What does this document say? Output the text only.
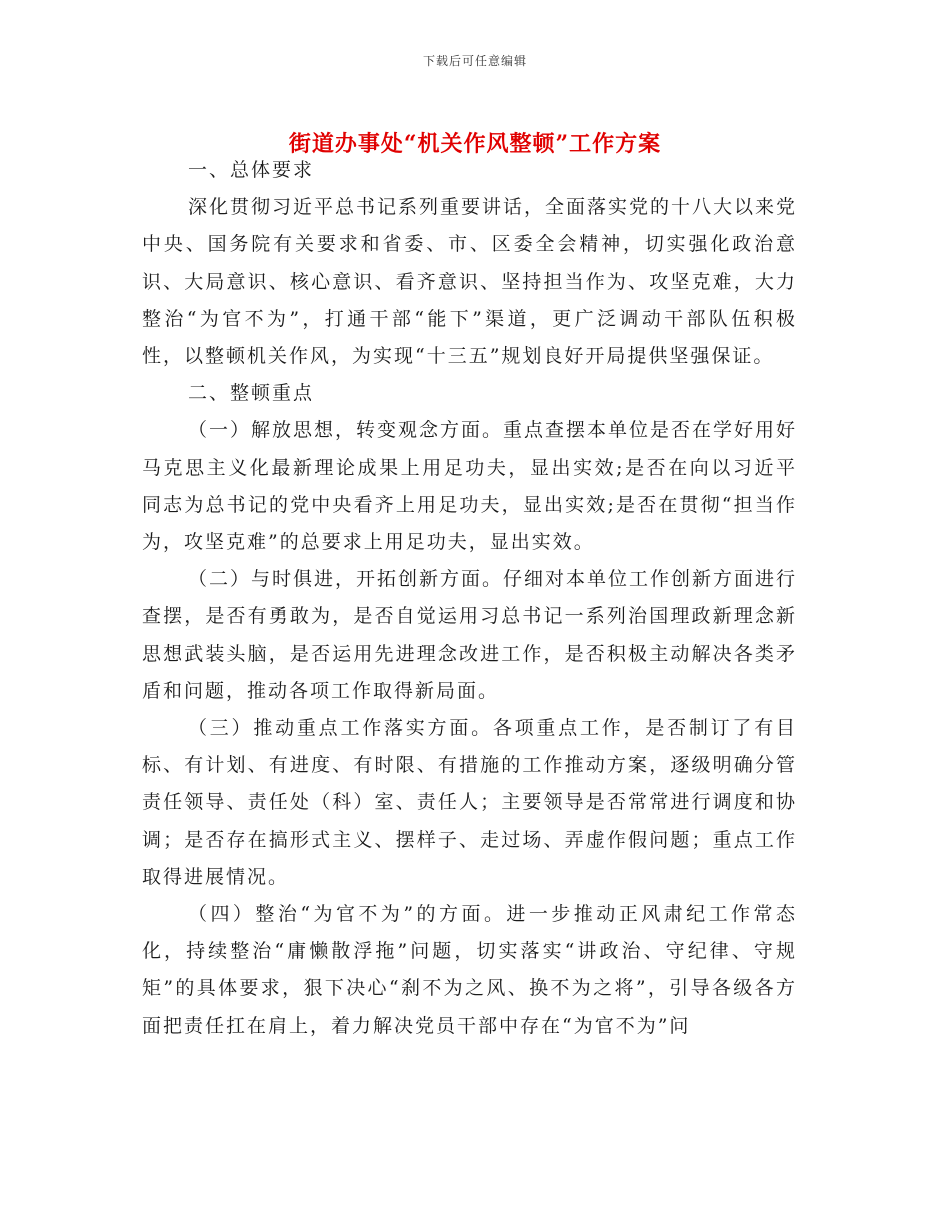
下载后可任意编辑
街道办事处“机关作风整顿”工作方案

一、总体要求

深化贯彻习近平总书记系列重要讲话，全面落实党的十八大以来党中央、国务院有关要求和省委、市、区委全会精神，切实强化政治意识、大局意识、核心意识、看齐意识、坚持担当作为、攻坚克难，大力整治“为官不为”，打通干部“能下”渠道，更广泛调动干部队伍积极性，以整顿机关作风，为实现“十三五”规划良好开局提供坚强保证。

二、整顿重点

（一）解放思想，转变观念方面。重点查摆本单位是否在学好用好马克思主义化最新理论成果上用足功夫，显出实效;是否在向以习近平同志为总书记的党中央看齐上用足功夫，显出实效;是否在贯彻“担当作为，攻坚克难”的总要求上用足功夫，显出实效。

（二）与时俱进，开拓创新方面。仔细对本单位工作创新方面进行查摆，是否有勇敢为，是否自觉运用习总书记一系列治国理政新理念新思想武装头脑，是否运用先进理念改进工作，是否积极主动解决各类矛盾和问题，推动各项工作取得新局面。

（三）推动重点工作落实方面。各项重点工作，是否制订了有目标、有计划、有进度、有时限、有措施的工作推动方案，逐级明确分管责任领导、责任处（科）室、责任人；主要领导是否常常进行调度和协调；是否存在搞形式主义、摆样子、走过场、弄虚作假问题；重点工作取得进展情况。

（四）整治“为官不为”的方面。进一步推动正风肃纪工作常态化，持续整治“庸懒散浮拖”问题，切实落实“讲政治、守纪律、守规矩”的具体要求，狠下决心“刹不为之风、换不为之将”，引导各级各方面把责任扛在肩上，着力解决党员干部中存在“为官不为”问
